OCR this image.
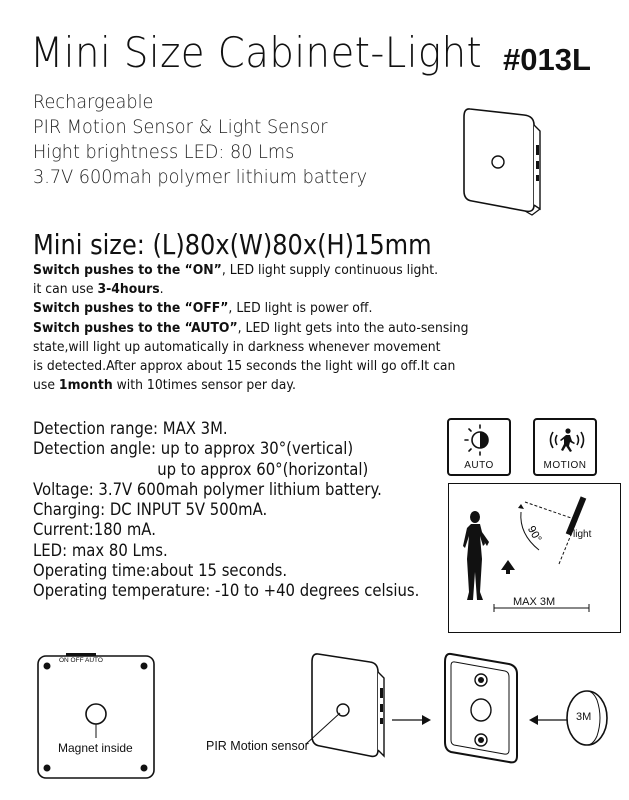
Mini Size Cabinet-Light #013L
Rechargeable
PIR Motion Sensor & Light Sensor
Hight brightness LED: 80 Lms
3.7V 600mah polymer lithium battery
Mini size: (L)80x(W)80x(H)15mm

Switch pushes to the “ON”, LED light supply continuous light.

it can use 3-4hours.

Switch pushes to the “OFF”, LED light is power off.

Switch pushes to the “AUTO”, LED light gets into the auto-sensing

state,will light up automatically in darkness whenever movement

is detected.After approx about 15 seconds the light will go off.It can

use 1month with 10times sensor per day.

Detection range: MAX 3M.
Detection angle: up to approx 30°(vertical)
up to approx 60°(horizontal)
Voltage: 3.7V 600mah polymer lithium battery.
Charging: DC INPUT 5V 500mA.
Current:180 mA.
LED: max 80 Lms.
Operating time:about 15 seconds.
Operating temperature: -10 to +40 degrees celsius.
AUTO	MOTION
90°	light
MAX 3M
ON OFF AUTO
Magnet inside	PIR Motion sensor
3M
